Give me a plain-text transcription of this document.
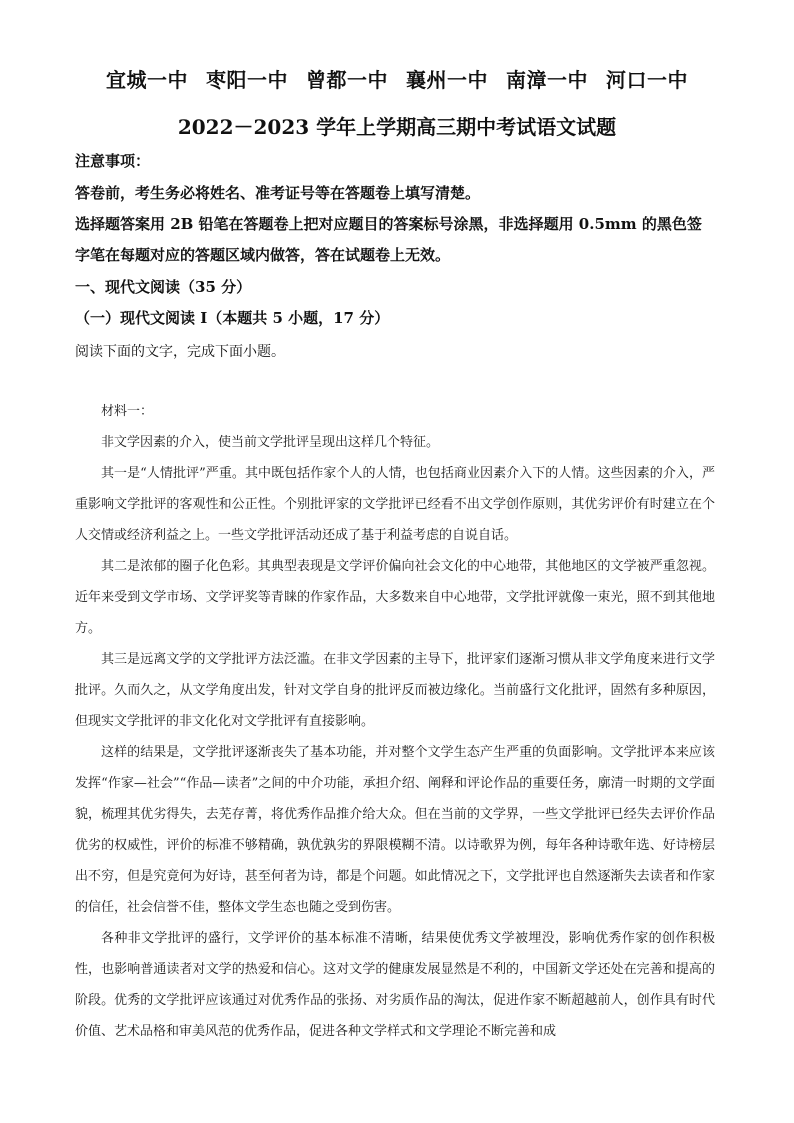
宜城一中 枣阳一中 曾都一中 襄州一中 南漳一中 河口一中
2022－2023 学年上学期高三期中考试语文试题
注意事项：
答卷前，考生务必将姓名、准考证号等在答题卷上填写清楚。
选择题答案用 2B 铅笔在答题卷上把对应题目的答案标号涂黑，非选择题用 0.5mm 的黑色签
字笔在每题对应的答题区域内做答，答在试题卷上无效。
一、现代文阅读（35 分）
（一）现代文阅读 I（本题共 5 小题，17 分）
阅读下面的文字，完成下面小题。

材料一：

非文学因素的介入，使当前文学批评呈现出这样几个特征。

其一是“人情批评”严重。其中既包括作家个人的人情，也包括商业因素介入下的人情。这些因素的介入，严重影响文学批评的客观性和公正性。个别批评家的文学批评已经看不出文学创作原则，其优劣评价有时建立在个人交情或经济利益之上。一些文学批评活动还成了基于利益考虑的自说自话。

其二是浓郁的圈子化色彩。其典型表现是文学评价偏向社会文化的中心地带，其他地区的文学被严重忽视。近年来受到文学市场、文学评奖等青睐的作家作品，大多数来自中心地带，文学批评就像一束光，照不到其他地方。

其三是远离文学的文学批评方法泛滥。在非文学因素的主导下，批评家们逐渐习惯从非文学角度来进行文学批评。久而久之，从文学角度出发，针对文学自身的批评反而被边缘化。当前盛行文化批评，固然有多种原因，但现实文学批评的非文化化对文学批评有直接影响。

这样的结果是，文学批评逐渐丧失了基本功能，并对整个文学生态产生严重的负面影响。文学批评本来应该发挥“作家—社会”“作品—读者”之间的中介功能，承担介绍、阐释和评论作品的重要任务，廓清一时期的文学面貌，梳理其优劣得失，去芜存菁，将优秀作品推介给大众。但在当前的文学界，一些文学批评已经失去评价作品优劣的权威性，评价的标准不够精确，孰优孰劣的界限模糊不清。以诗歌界为例，每年各种诗歌年选、好诗榜层出不穷，但是究竟何为好诗，甚至何者为诗，都是个问题。如此情况之下，文学批评也自然逐渐失去读者和作家的信任，社会信誉不佳，整体文学生态也随之受到伤害。

各种非文学批评的盛行，文学评价的基本标准不清晰，结果使优秀文学被埋没，影响优秀作家的创作积极性，也影响普通读者对文学的热爱和信心。这对文学的健康发展显然是不利的，中国新文学还处在完善和提高的阶段。优秀的文学批评应该通过对优秀作品的张扬、对劣质作品的淘汰，促进作家不断超越前人，创作具有时代价值、艺术品格和审美风范的优秀作品，促进各种文学样式和文学理论不断完善和成
